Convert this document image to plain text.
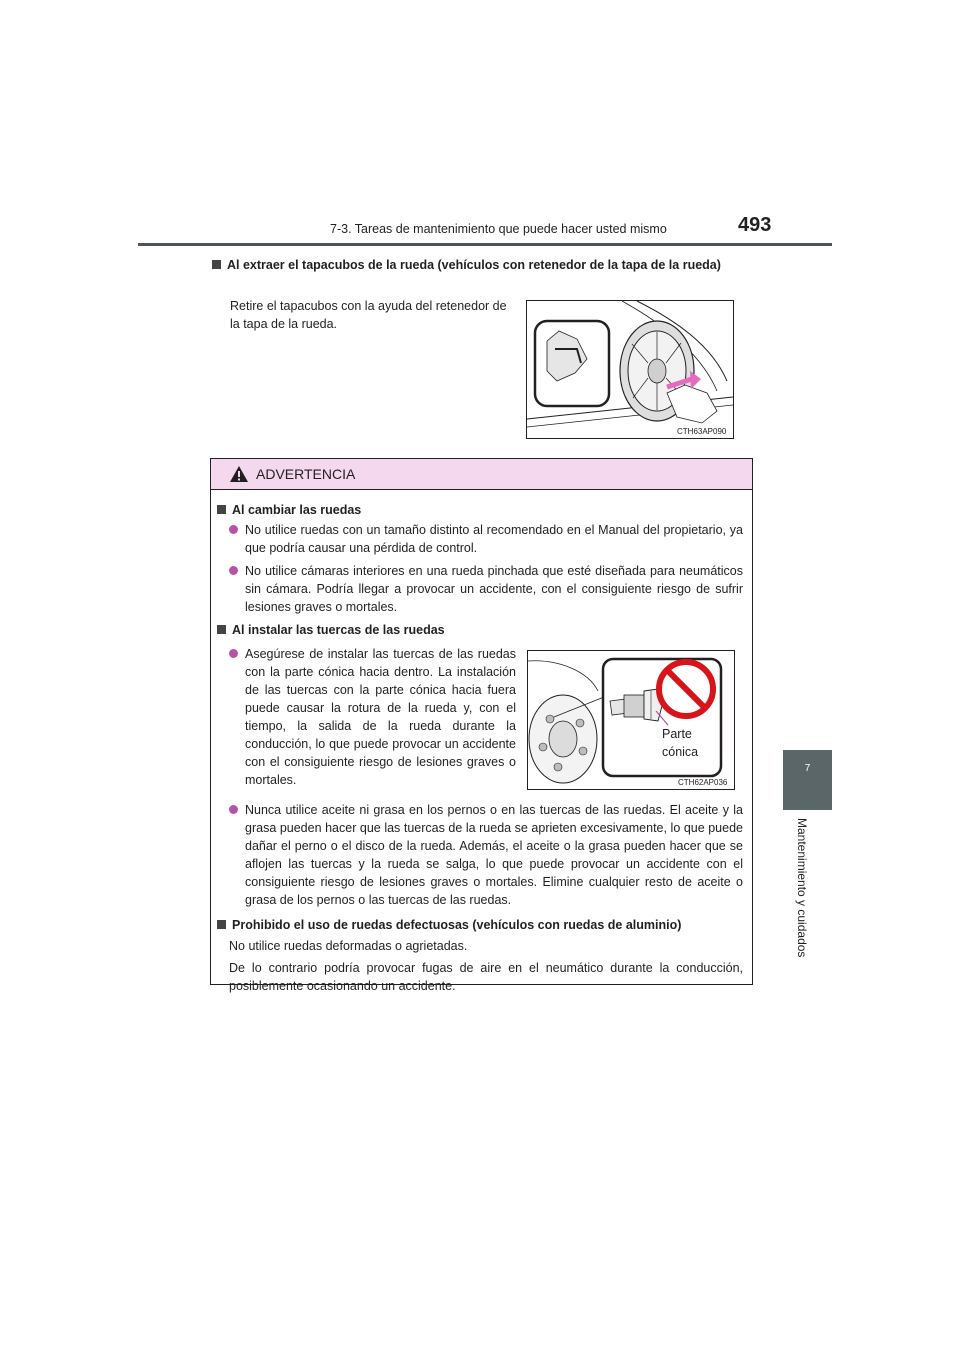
7-3. Tareas de mantenimiento que puede hacer usted mismo	493
7
Mantenimiento y cuidados
Al extraer el tapacubos de la rueda (vehículos con retenedor de la tapa de la rueda)
Retire el tapacubos con la ayuda del retenedor de la tapa de la rueda.
CTH63AP090
ADVERTENCIA
Al cambiar las ruedas
No utilice ruedas con un tamaño distinto al recomendado en el Manual del propietario, ya que podría causar una pérdida de control.
No utilice cámaras interiores en una rueda pinchada que esté diseñada para neumáticos sin cámara. Podría llegar a provocar un accidente, con el consiguiente riesgo de sufrir lesiones graves o mortales.
Al instalar las tuercas de las ruedas
Asegúrese de instalar las tuercas de las ruedas con la parte cónica hacia dentro. La instalación de las tuercas con la parte cónica hacia fuera puede causar la rotura de la rueda y, con el tiempo, la salida de la rueda durante la conducción, lo que puede provocar un accidente con el consiguiente riesgo de lesiones graves o mortales.
Parte
cónica
CTH62AP036
Nunca utilice aceite ni grasa en los pernos o en las tuercas de las ruedas. El aceite y la grasa pueden hacer que las tuercas de la rueda se aprieten excesivamente, lo que puede dañar el perno o el disco de la rueda. Además, el aceite o la grasa pueden hacer que se aflojen las tuercas y la rueda se salga, lo que puede provocar un accidente con el consiguiente riesgo de lesiones graves o mortales. Elimine cualquier resto de aceite o grasa de los pernos o las tuercas de las ruedas.
Prohibido el uso de ruedas defectuosas (vehículos con ruedas de aluminio)
No utilice ruedas deformadas o agrietadas.
De lo contrario podría provocar fugas de aire en el neumático durante la conducción, posiblemente ocasionando un accidente.
